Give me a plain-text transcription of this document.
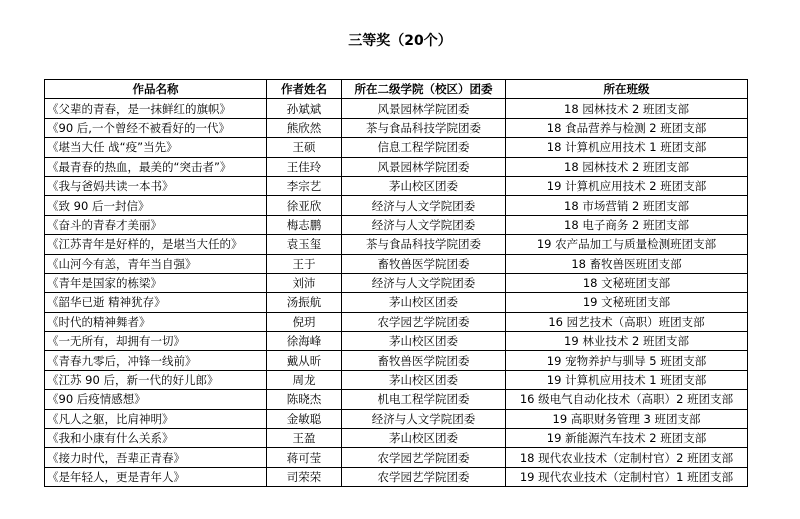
三等奖（20个）
作品名称	作者姓名	所在二级学院（校区）团委	所在班级
《父辈的青春，是一抹鲜红的旗帜》	孙斌斌	风景园林学院团委	18 园林技术 2 班团支部
《90 后,一个曾经不被看好的一代》	熊欣然	茶与食品科技学院团委	18 食品营养与检测 2 班团支部
《堪当大任 战“疫”当先》	王硕	信息工程学院团委	18 计算机应用技术 1 班团支部
《最青春的热血，最美的“突击者”》	王佳玲	风景园林学院团委	18 园林技术 2 班团支部
《我与爸妈共读一本书》	李宗艺	茅山校区团委	19 计算机应用技术 2 班团支部
《致 90 后一封信》	徐亚欣	经济与人文学院团委	18 市场营销 2 班团支部
《奋斗的青春才美丽》	梅志鹏	经济与人文学院团委	18 电子商务 2 班团支部
《江苏青年是好样的，是堪当大任的》	袁玉玺	茶与食品科技学院团委	19 农产品加工与质量检测班团支部
《山河今有恙，青年当自强》	王于	畜牧兽医学院团委	18 畜牧兽医班团支部
《青年是国家的栋梁》	刘沛	经济与人文学院团委	18 文秘班团支部
《韶华已逝 精神犹存》	汤振航	茅山校区团委	19 文秘班团支部
《时代的精神舞者》	倪玥	农学园艺学院团委	16 园艺技术（高职）班团支部
《一无所有，却拥有一切》	徐海峰	茅山校区团委	19 林业技术 2 班团支部
《青春九零后，冲锋一线前》	戴从昕	畜牧兽医学院团委	19 宠物养护与驯导 5 班团支部
《江苏 90 后，新一代的好儿郎》	周龙	茅山校区团委	19 计算机应用技术 1 班团支部
《90 后疫情感想》	陈晓杰	机电工程学院团委	16 级电气自动化技术（高职）2 班团支部
《凡人之躯，比肩神明》	金敏聪	经济与人文学院团委	19 高职财务管理 3 班团支部
《我和小康有什么关系》	王盈	茅山校区团委	19 新能源汽车技术 2 班团支部
《接力时代，吾辈正青春》	蒋可莹	农学园艺学院团委	18 现代农业技术（定制村官）2 班团支部
《是年轻人，更是青年人》	司荣荣	农学园艺学院团委	19 现代农业技术（定制村官）1 班团支部
